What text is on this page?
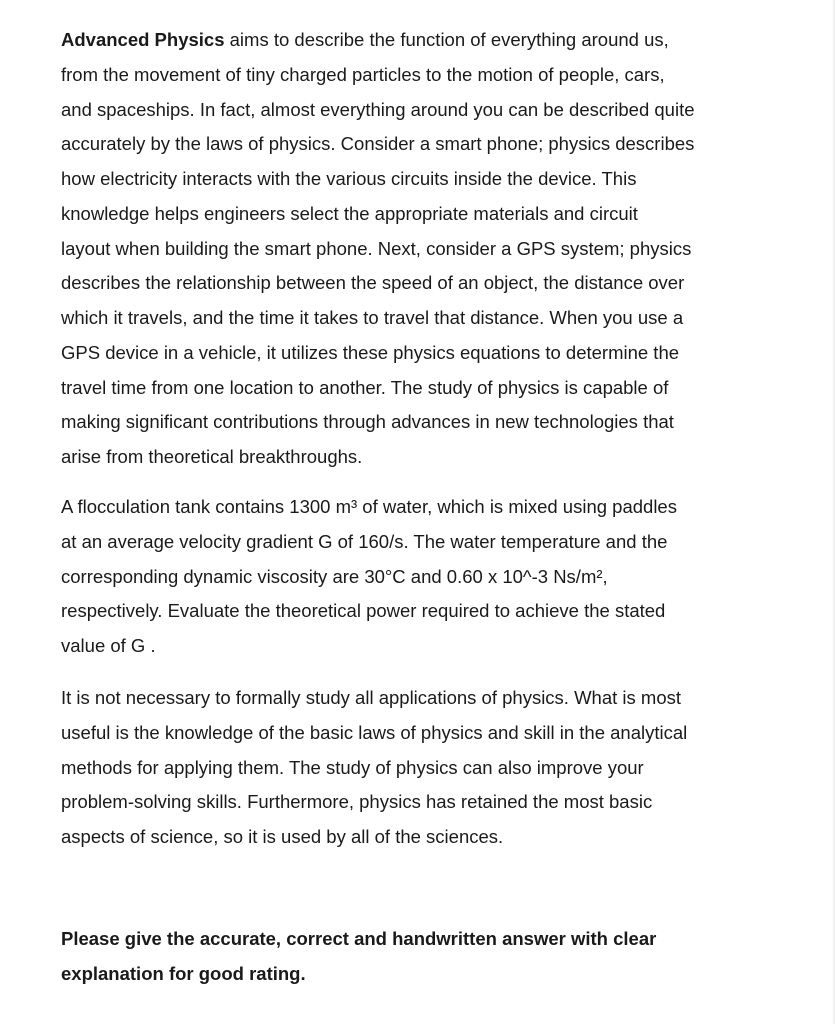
Advanced Physics aims to describe the function of everything around us,
from the movement of tiny charged particles to the motion of people, cars,
and spaceships. In fact, almost everything around you can be described quite
accurately by the laws of physics. Consider a smart phone; physics describes
how electricity interacts with the various circuits inside the device. This
knowledge helps engineers select the appropriate materials and circuit
layout when building the smart phone. Next, consider a GPS system; physics
describes the relationship between the speed of an object, the distance over
which it travels, and the time it takes to travel that distance. When you use a
GPS device in a vehicle, it utilizes these physics equations to determine the
travel time from one location to another. The study of physics is capable of
making significant contributions through advances in new technologies that
arise from theoretical breakthroughs.

A flocculation tank contains 1300 m³ of water, which is mixed using paddles
at an average velocity gradient G of 160/s. The water temperature and the
corresponding dynamic viscosity are 30°C and 0.60 x 10^-3 Ns/m²,
respectively. Evaluate the theoretical power required to achieve the stated
value of G .

It is not necessary to formally study all applications of physics. What is most
useful is the knowledge of the basic laws of physics and skill in the analytical
methods for applying them. The study of physics can also improve your
problem-solving skills. Furthermore, physics has retained the most basic
aspects of science, so it is used by all of the sciences.

Please give the accurate, correct and handwritten answer with clear
explanation for good rating.
